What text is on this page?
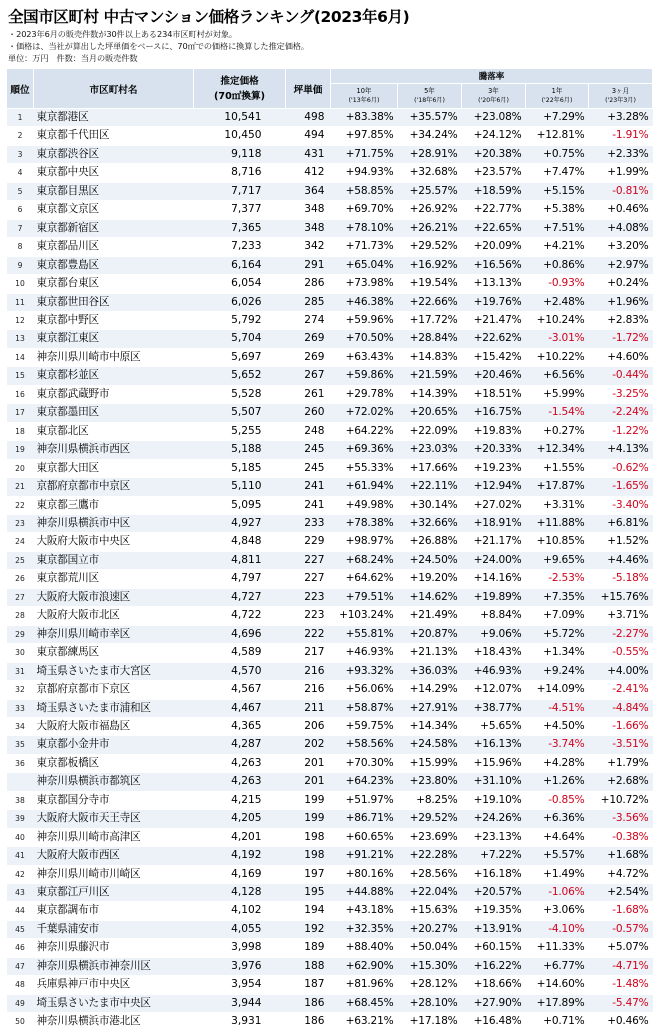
全国市区町村 中古マンション価格ランキング(2023年6月)
・2023年6月の販売件数が30件以上ある234市区町村が対象。
・価格は、当社が算出した坪単価をベースに、70㎡での価格に換算した推定価格。
単位：万円　件数：当月の販売件数
順位	市区町村名	推定価格
(70㎡換算)	坪単価	騰落率				
				10年
('13年6月)	5年
('18年6月)	3年
('20年6月)	1年
('22年6月)	3ヶ月
('23年3月)

1	東京都港区	10,541	498	+83.38%	+35.57%	+23.08%	+7.29%	+3.28%
2	東京都千代田区	10,450	494	+97.85%	+34.24%	+24.12%	+12.81%	-1.91%
3	東京都渋谷区	9,118	431	+71.75%	+28.91%	+20.38%	+0.75%	+2.33%
4	東京都中央区	8,716	412	+94.93%	+32.68%	+23.57%	+7.47%	+1.99%
5	東京都目黒区	7,717	364	+58.85%	+25.57%	+18.59%	+5.15%	-0.81%
6	東京都文京区	7,377	348	+69.70%	+26.92%	+22.77%	+5.38%	+0.46%
7	東京都新宿区	7,365	348	+78.10%	+26.21%	+22.65%	+7.51%	+4.08%
8	東京都品川区	7,233	342	+71.73%	+29.52%	+20.09%	+4.21%	+3.20%
9	東京都豊島区	6,164	291	+65.04%	+16.92%	+16.56%	+0.86%	+2.97%
10	東京都台東区	6,054	286	+73.98%	+19.54%	+13.13%	-0.93%	+0.24%
11	東京都世田谷区	6,026	285	+46.38%	+22.66%	+19.76%	+2.48%	+1.96%
12	東京都中野区	5,792	274	+59.96%	+17.72%	+21.47%	+10.24%	+2.83%
13	東京都江東区	5,704	269	+70.50%	+28.84%	+22.62%	-3.01%	-1.72%
14	神奈川県川崎市中原区	5,697	269	+63.43%	+14.83%	+15.42%	+10.22%	+4.60%
15	東京都杉並区	5,652	267	+59.86%	+21.59%	+20.46%	+6.56%	-0.44%
16	東京都武蔵野市	5,528	261	+29.78%	+14.39%	+18.51%	+5.99%	-3.25%
17	東京都墨田区	5,507	260	+72.02%	+20.65%	+16.75%	-1.54%	-2.24%
18	東京都北区	5,255	248	+64.22%	+22.09%	+19.83%	+0.27%	-1.22%
19	神奈川県横浜市西区	5,188	245	+69.36%	+23.03%	+20.33%	+12.34%	+4.13%
20	東京都大田区	5,185	245	+55.33%	+17.66%	+19.23%	+1.55%	-0.62%
21	京都府京都市中京区	5,110	241	+61.94%	+22.11%	+12.94%	+17.87%	-1.65%
22	東京都三鷹市	5,095	241	+49.98%	+30.14%	+27.02%	+3.31%	-3.40%
23	神奈川県横浜市中区	4,927	233	+78.38%	+32.66%	+18.91%	+11.88%	+6.81%
24	大阪府大阪市中央区	4,848	229	+98.97%	+26.88%	+21.17%	+10.85%	+1.52%
25	東京都国立市	4,811	227	+68.24%	+24.50%	+24.00%	+9.65%	+4.46%
26	東京都荒川区	4,797	227	+64.62%	+19.20%	+14.16%	-2.53%	-5.18%
27	大阪府大阪市浪速区	4,727	223	+79.51%	+14.62%	+19.89%	+7.35%	+15.76%
28	大阪府大阪市北区	4,722	223	+103.24%	+21.49%	+8.84%	+7.09%	+3.71%
29	神奈川県川崎市幸区	4,696	222	+55.81%	+20.87%	+9.06%	+5.72%	-2.27%
30	東京都練馬区	4,589	217	+46.93%	+21.13%	+18.43%	+1.34%	-0.55%
31	埼玉県さいたま市大宮区	4,570	216	+93.32%	+36.03%	+46.93%	+9.24%	+4.00%
32	京都府京都市下京区	4,567	216	+56.06%	+14.29%	+12.07%	+14.09%	-2.41%
33	埼玉県さいたま市浦和区	4,467	211	+58.87%	+27.91%	+38.77%	-4.51%	-4.84%
34	大阪府大阪市福島区	4,365	206	+59.75%	+14.34%	+5.65%	+4.50%	-1.66%
35	東京都小金井市	4,287	202	+58.56%	+24.58%	+16.13%	-3.74%	-3.51%
36	東京都板橋区	4,263	201	+70.30%	+15.99%	+15.96%	+4.28%	+1.79%
	神奈川県横浜市都筑区	4,263	201	+64.23%	+23.80%	+31.10%	+1.26%	+2.68%
38	東京都国分寺市	4,215	199	+51.97%	+8.25%	+19.10%	-0.85%	+10.72%
39	大阪府大阪市天王寺区	4,205	199	+86.71%	+29.52%	+24.26%	+6.36%	-3.56%
40	神奈川県川崎市高津区	4,201	198	+60.65%	+23.69%	+23.13%	+4.64%	-0.38%
41	大阪府大阪市西区	4,192	198	+91.21%	+22.28%	+7.22%	+5.57%	+1.68%
42	神奈川県川崎市川崎区	4,169	197	+80.16%	+28.56%	+16.18%	+1.49%	+4.72%
43	東京都江戸川区	4,128	195	+44.88%	+22.04%	+20.57%	-1.06%	+2.54%
44	東京都調布市	4,102	194	+43.18%	+15.63%	+19.35%	+3.06%	-1.68%
45	千葉県浦安市	4,055	192	+32.35%	+20.27%	+13.91%	-4.10%	-0.57%
46	神奈川県藤沢市	3,998	189	+88.40%	+50.04%	+60.15%	+11.33%	+5.07%
47	神奈川県横浜市神奈川区	3,976	188	+62.90%	+15.30%	+16.22%	+6.77%	-4.71%
48	兵庫県神戸市中央区	3,954	187	+81.96%	+28.12%	+18.66%	+14.60%	-1.48%
49	埼玉県さいたま市中央区	3,944	186	+68.45%	+28.10%	+27.90%	+17.89%	-5.47%
50	神奈川県横浜市港北区	3,931	186	+63.21%	+17.18%	+16.48%	+0.71%	+0.46%
